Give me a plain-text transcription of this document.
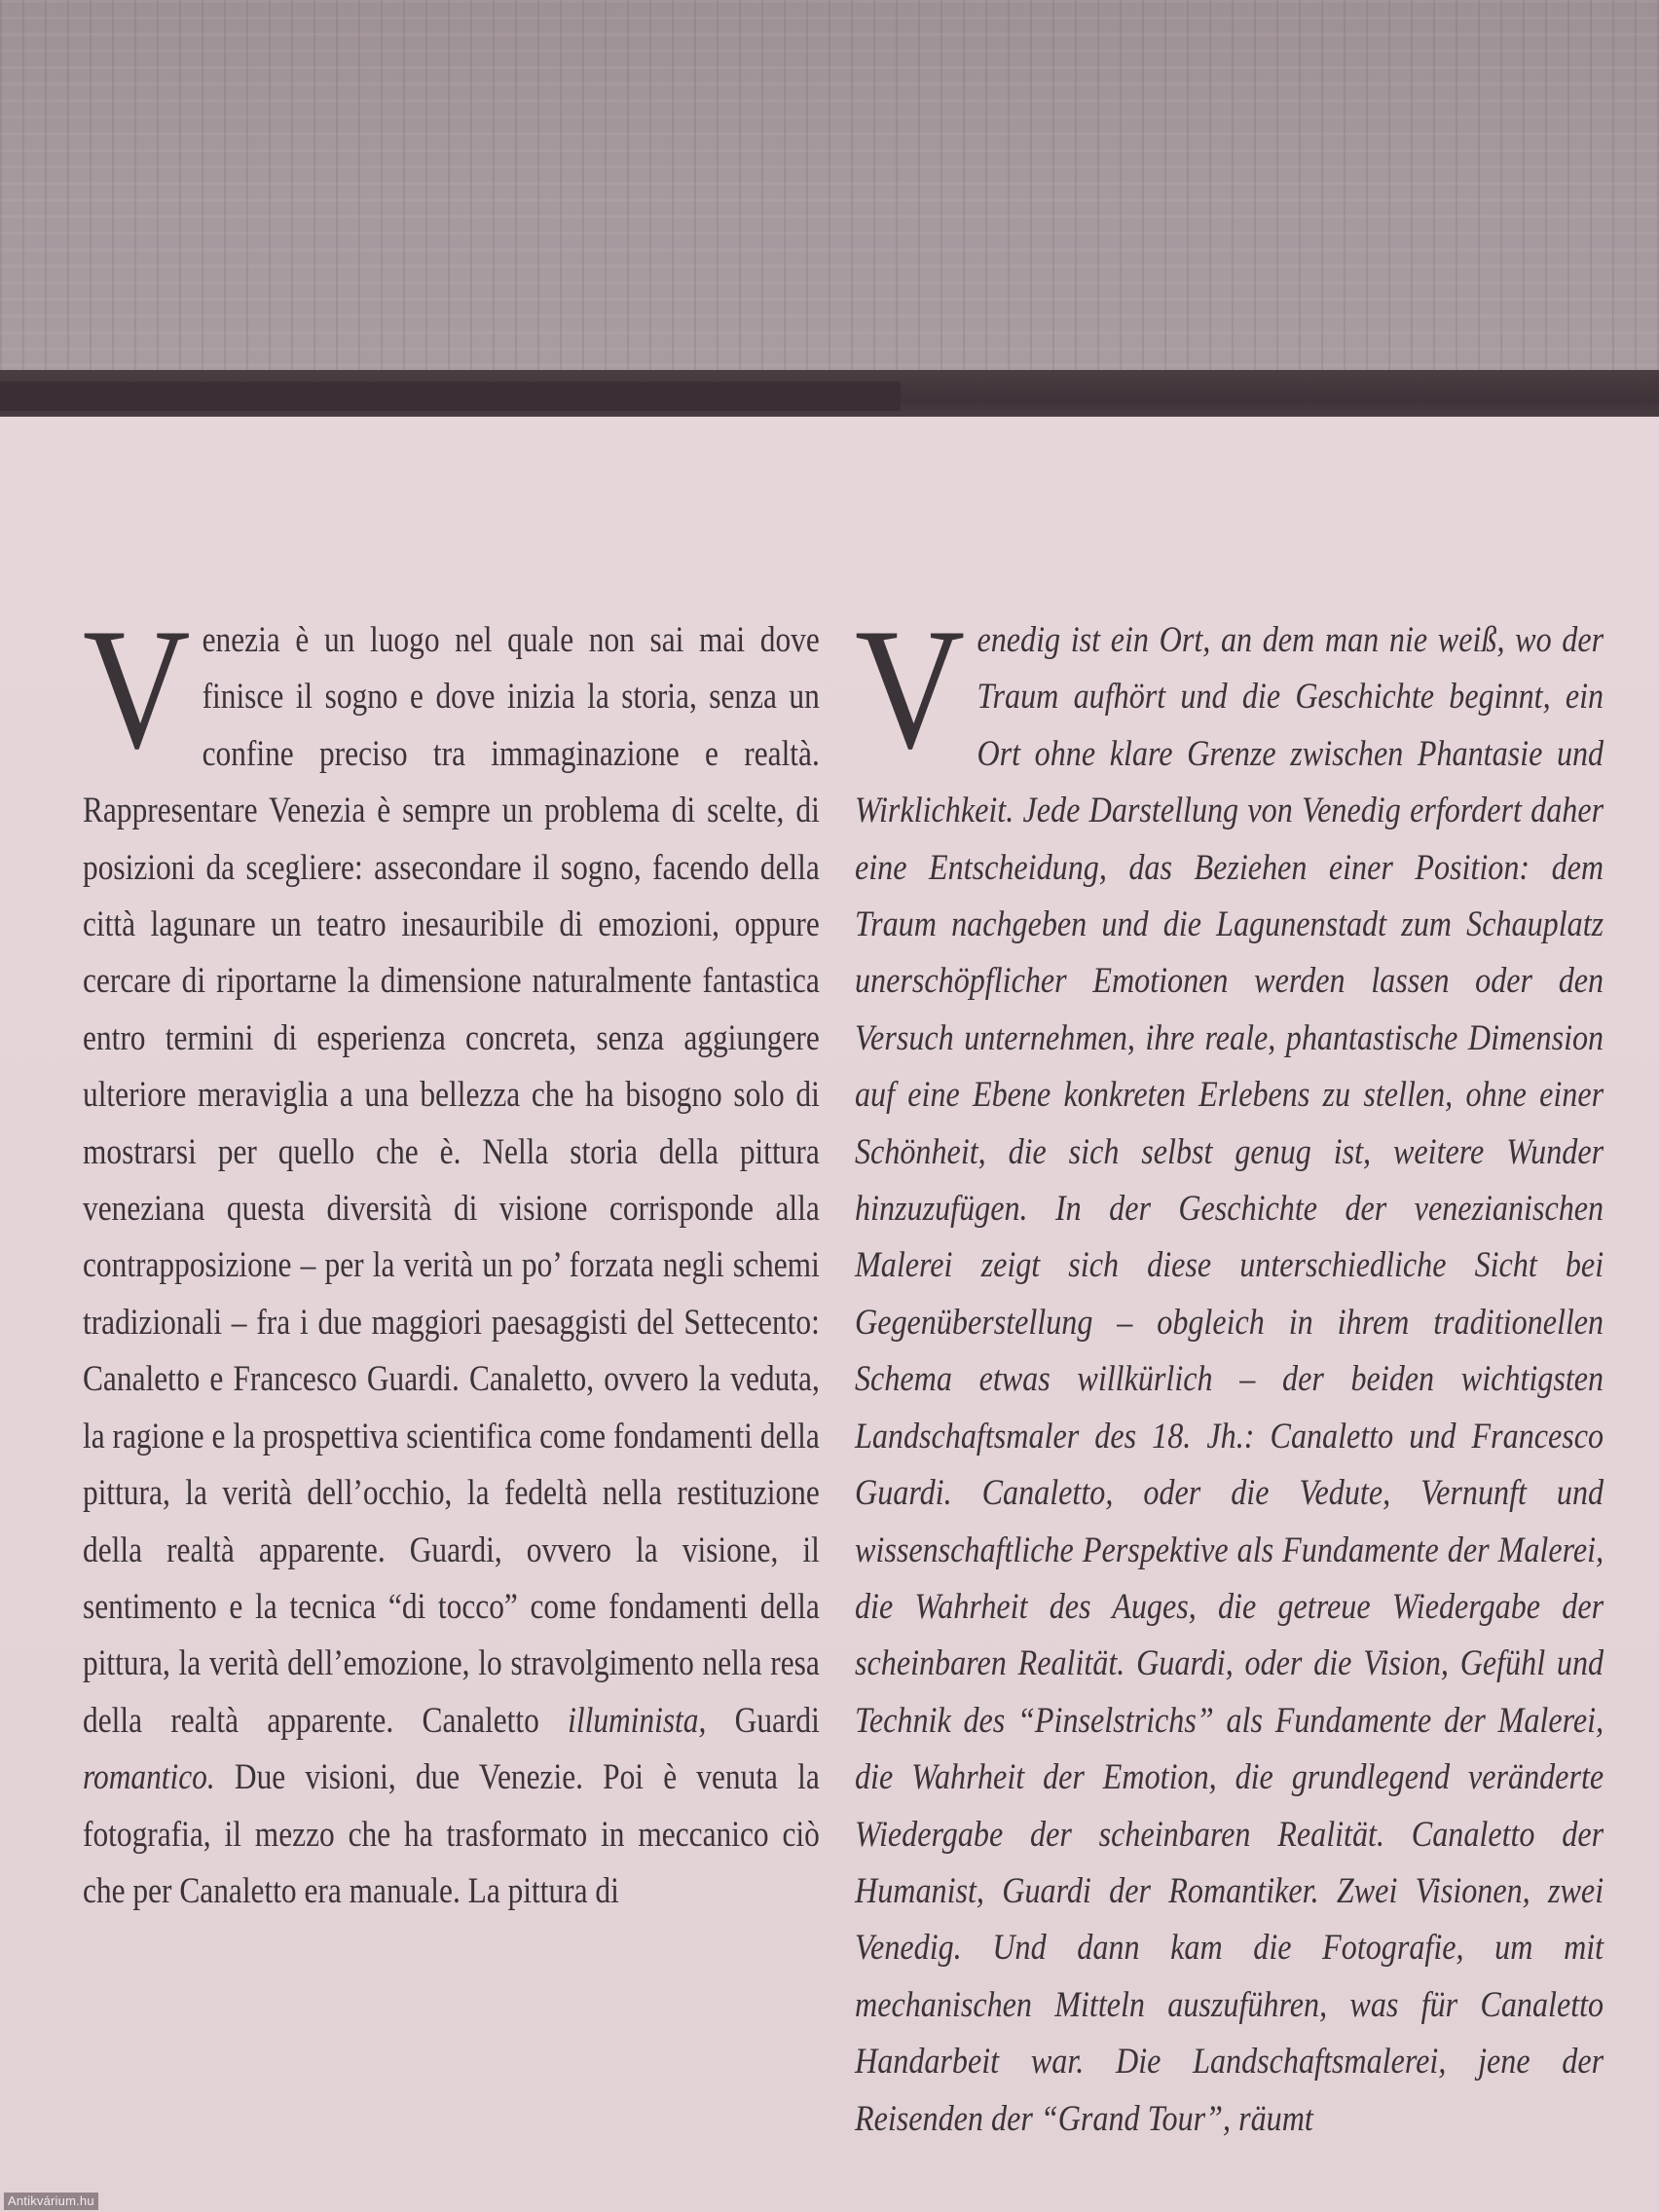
Venezia è un luogo nel quale non sai mai dove finisce il sogno e dove inizia la storia, senza un confine preciso tra immaginazione e realtà. Rappresentare Venezia è sempre un problema di scelte, di posizioni da scegliere: assecondare il sogno, facendo della città lagunare un teatro inesauribile di emozioni, oppure cercare di riportarne la dimensione naturalmente fantastica entro termini di esperienza concreta, senza aggiungere ulteriore meraviglia a una bellezza che ha bisogno solo di mostrarsi per quello che è. Nella storia della pittura veneziana questa diversità di visione corrisponde alla contrapposizione – per la verità un po’ forzata negli schemi tradizionali – fra i due maggiori paesaggisti del Settecento: Canaletto e Francesco Guardi. Canaletto, ovvero la veduta, la ragione e la prospettiva scientifica come fondamenti della pittura, la verità dell’occhio, la fedeltà nella restituzione della realtà apparente. Guardi, ovvero la visione, il sentimento e la tecnica “di tocco” come fondamenti della pittura, la verità dell’emozione, lo stravolgimento nella resa della realtà apparente. Canaletto illuminista, Guardi romantico. Due visioni, due Venezie. Poi è venuta la fotografia, il mezzo che ha trasformato in meccanico ciò che per Canaletto era manuale. La pittura di

Venedig ist ein Ort, an dem man nie weiß, wo der Traum aufhört und die Geschichte beginnt, ein Ort ohne klare Grenze zwischen Phantasie und Wirklichkeit. Jede Darstellung von Venedig erfordert daher eine Entscheidung, das Beziehen einer Position: dem Traum nachgeben und die Lagunenstadt zum Schauplatz unerschöpflicher Emotionen werden lassen oder den Versuch unternehmen, ihre reale, phantastische Dimension auf eine Ebene konkreten Erlebens zu stellen, ohne einer Schönheit, die sich selbst genug ist, weitere Wunder hinzuzufügen. In der Geschichte der venezianischen Malerei zeigt sich diese unterschiedliche Sicht bei Gegenüberstellung – obgleich in ihrem traditionellen Schema etwas willkürlich – der beiden wichtigsten Landschaftsmaler des 18. Jh.: Canaletto und Francesco Guardi. Canaletto, oder die Vedute, Vernunft und wissenschaftliche Perspektive als Fundamente der Malerei, die Wahrheit des Auges, die getreue Wiedergabe der scheinbaren Realität. Guardi, oder die Vision, Gefühl und Technik des “Pinselstrichs” als Fundamente der Malerei, die Wahrheit der Emotion, die grundlegend veränderte Wiedergabe der scheinbaren Realität. Canaletto der Humanist, Guardi der Romantiker. Zwei Visionen, zwei Venedig. Und dann kam die Fotografie, um mit mechanischen Mitteln auszuführen, was für Canaletto Handarbeit war. Die Landschaftsmalerei, jene der Reisenden der “Grand Tour”, räumt

Antikvárium.hu
